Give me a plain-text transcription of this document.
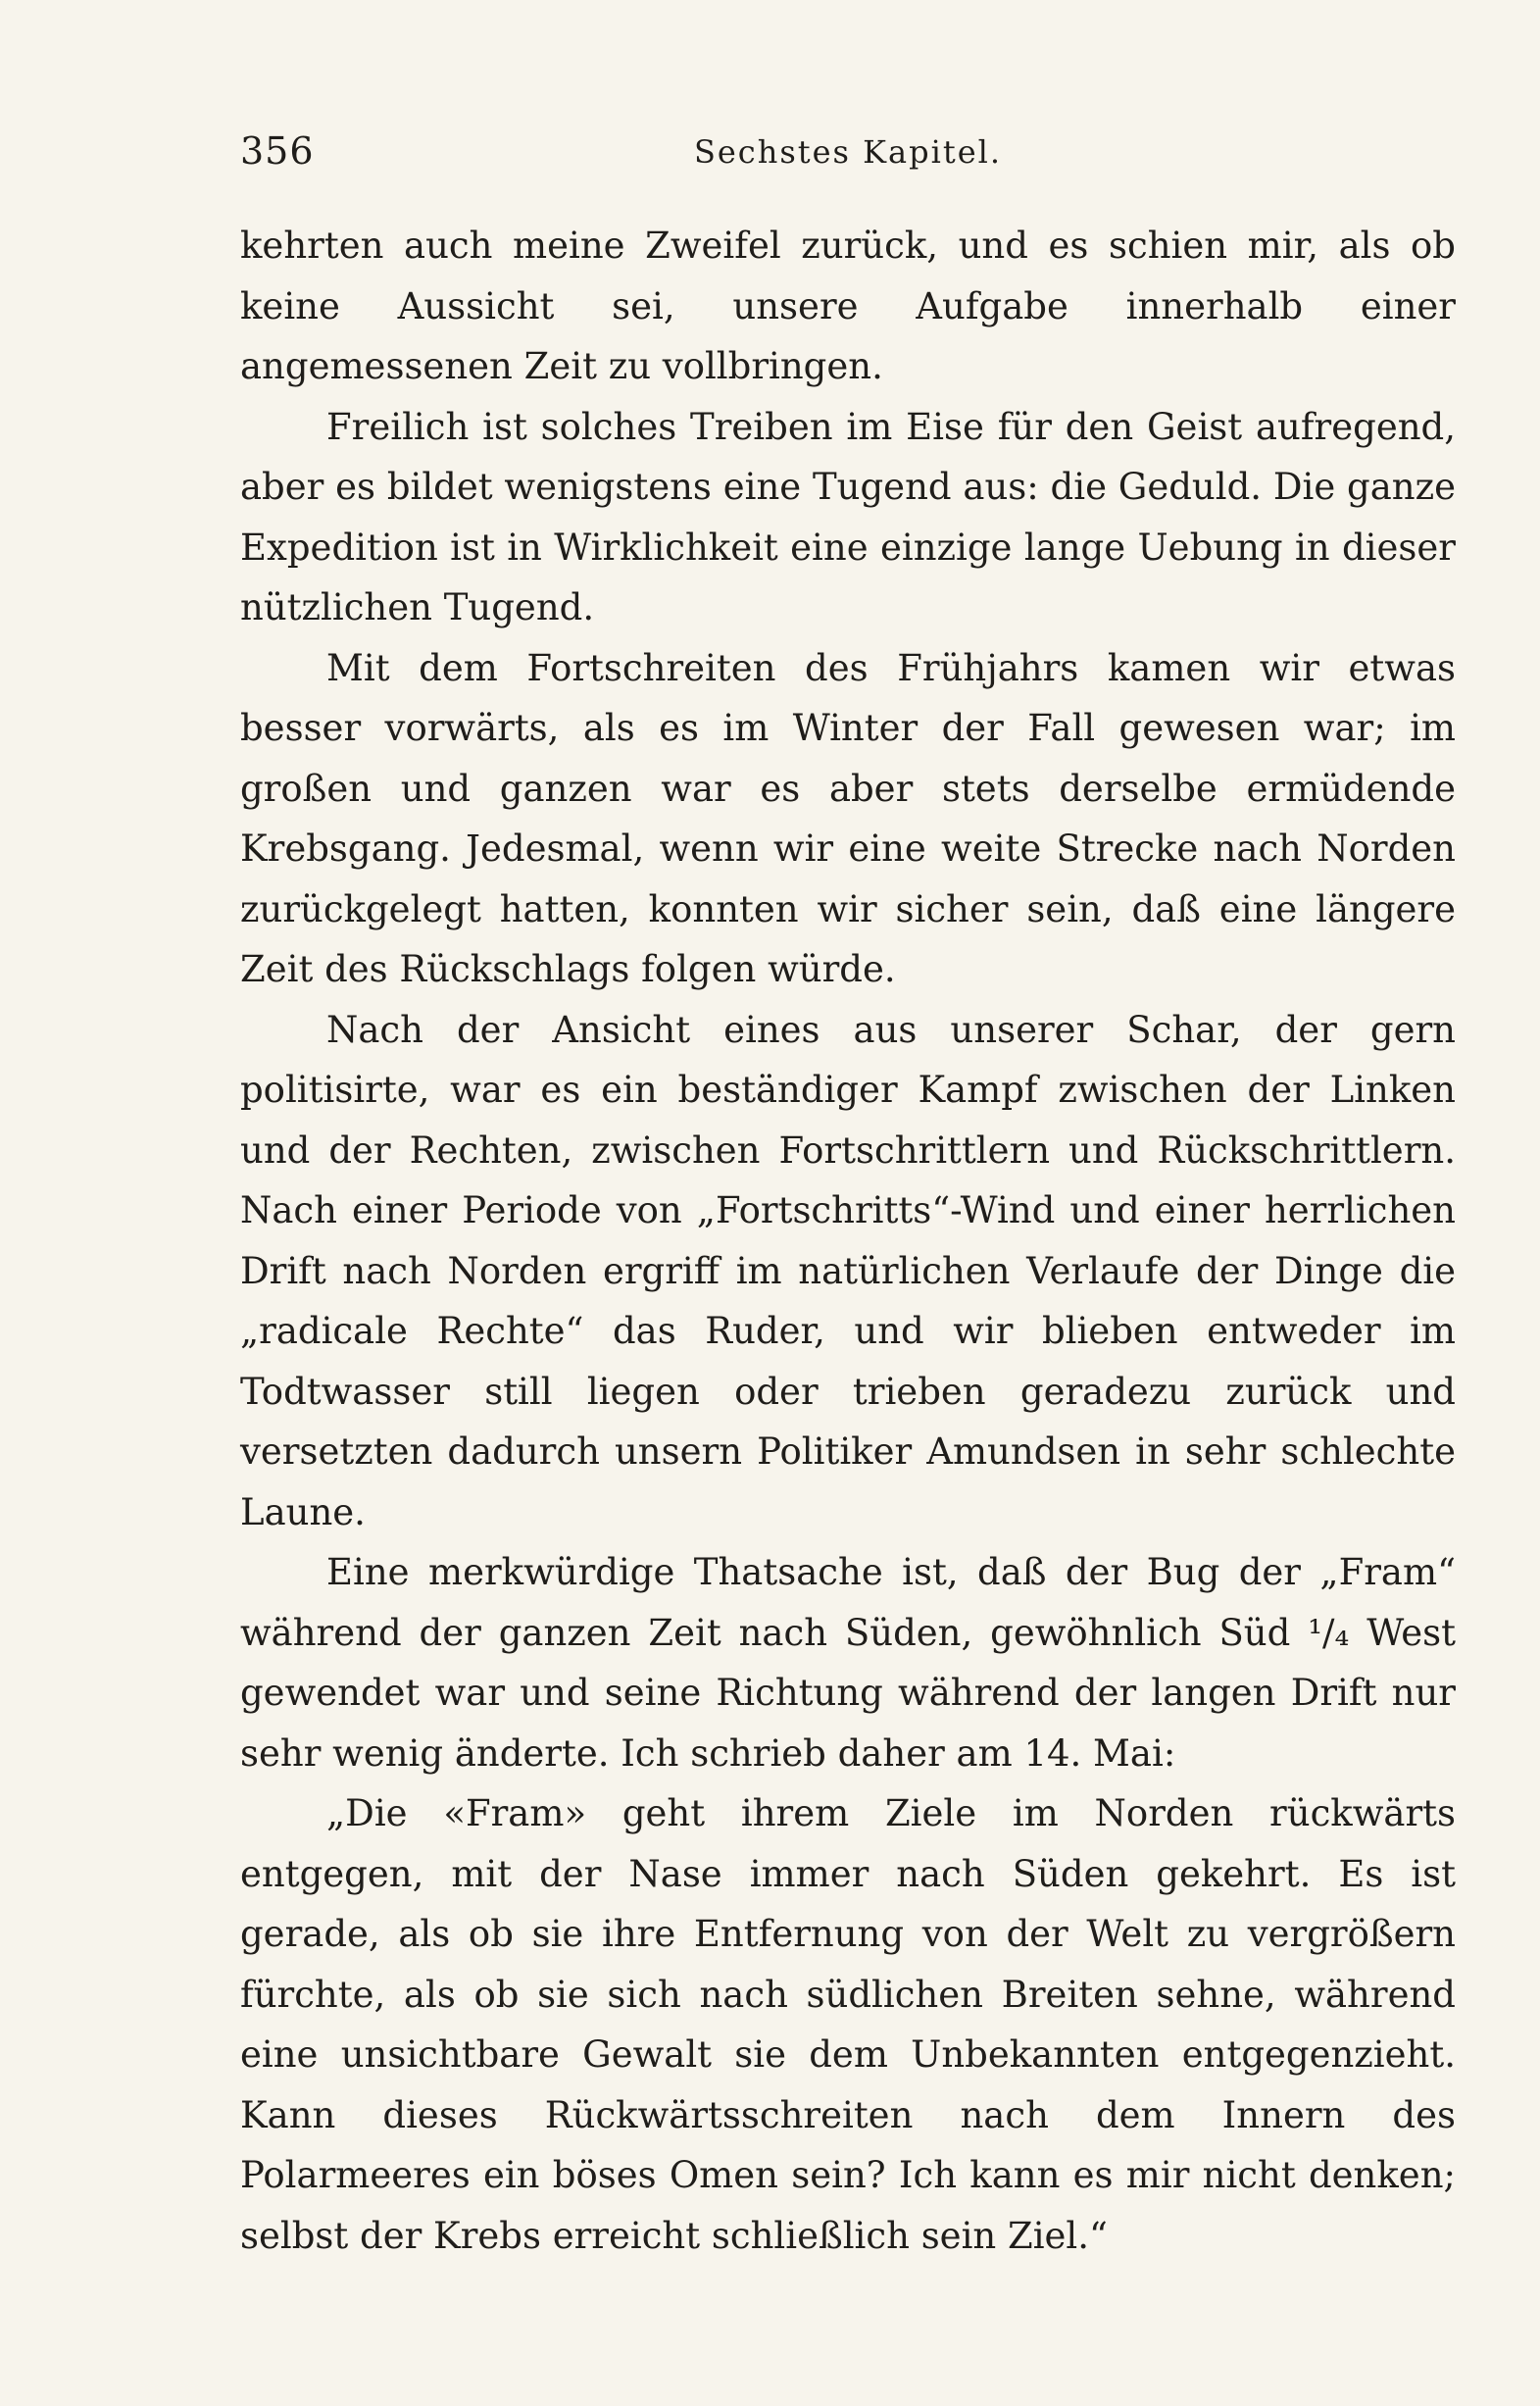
356	Sechstes Kapitel.

kehrten auch meine Zweifel zurück, und es schien mir, als ob keine Aussicht sei, unsere Aufgabe innerhalb einer angemessenen Zeit zu vollbringen.

Freilich ist solches Treiben im Eise für den Geist aufregend, aber es bildet wenigstens eine Tugend aus: die Geduld. Die ganze Expedition ist in Wirklichkeit eine einzige lange Uebung in dieser nützlichen Tugend.

Mit dem Fortschreiten des Frühjahrs kamen wir etwas besser vorwärts, als es im Winter der Fall gewesen war; im großen und ganzen war es aber stets derselbe ermüdende Krebsgang. Jedesmal, wenn wir eine weite Strecke nach Norden zurückgelegt hatten, konnten wir sicher sein, daß eine längere Zeit des Rückschlags folgen würde.

Nach der Ansicht eines aus unserer Schar, der gern politisirte, war es ein beständiger Kampf zwischen der Linken und der Rechten, zwischen Fortschrittlern und Rückschrittlern. Nach einer Periode von „Fortschritts“-Wind und einer herrlichen Drift nach Norden ergriff im natürlichen Verlaufe der Dinge die „radicale Rechte“ das Ruder, und wir blieben entweder im Todtwasser still liegen oder trieben geradezu zurück und versetzten dadurch unsern Politiker Amundsen in sehr schlechte Laune.

Eine merkwürdige Thatsache ist, daß der Bug der „Fram“ während der ganzen Zeit nach Süden, gewöhnlich Süd ¹/₄ West gewendet war und seine Richtung während der langen Drift nur sehr wenig änderte. Ich schrieb daher am 14. Mai:

„Die «Fram» geht ihrem Ziele im Norden rückwärts entgegen, mit der Nase immer nach Süden gekehrt. Es ist gerade, als ob sie ihre Entfernung von der Welt zu vergrößern fürchte, als ob sie sich nach südlichen Breiten sehne, während eine unsichtbare Gewalt sie dem Unbekannten entgegenzieht. Kann dieses Rückwärtsschreiten nach dem Innern des Polarmeeres ein böses Omen sein? Ich kann es mir nicht denken; selbst der Krebs erreicht schließlich sein Ziel.“
